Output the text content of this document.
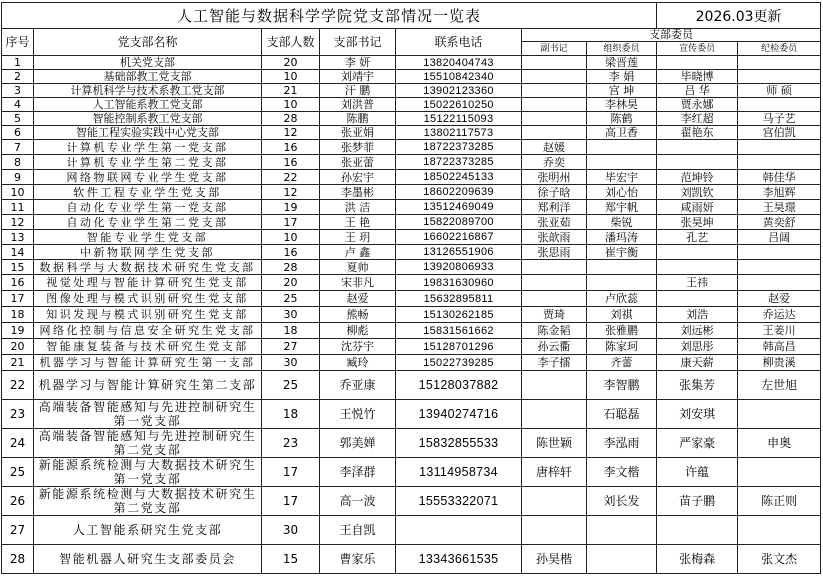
人工智能与数据科学学院党支部情况一览表							2026.03更新	
序号	党支部名称	支部人数	支部书记	联系电话	支部委员			
					副书记	组织委员	宣传委员	纪检委员
1	机关党支部	20	李 妍	13820404743		梁晋莲		
2	基础部教工党支部	10	刘靖宇	15510842340		李 娟	毕晓博	
3	计算机科学与技术系教工党支部	21	汗 鹏	13902123360		宫 坤	吕 华	师 硕
4	人工智能系教工党支部	10	刘洪普	15022610250		李林昊	贾永娜	
5	智能控制系教工党支部	28	陈鹏	15122115093		陈鹤	李红超	马子艺
6	智能工程实验实践中心党支部	12	张亚娟	13802117573		高卫香	翟艳东	宫伯凯
7	计算机专业学生第一党支部	16	张梦菲	18722373285	赵媛			
8	计算机专业学生第二党支部	16	张亚蕾	18722373285	乔奕			
9	网络物联网专业学生党支部	22	孙宏宇	18502245133	张明州	毕宏宇	范坤铃	韩佳华
10	软件工程专业学生党支部	12	李墨彬	18602209639	徐子晗	刘心怡	刘凯钦	李旭辉
11	自动化专业学生第一党支部	19	洪 洁	13512469049	郑利洋	郑宇帆	咸雨妍	王昊璟
12	自动化专业学生第二党支部	17	王 艳	15822089700	张亚茹	柴锐	张昊坤	黄奕舒
13	智能专业学生党支部	10	王 玥	16602216867	张歆雨	潘玛涛	孔艺	吕阔
14	中新物联网学生党支部	16	卢 鑫	13126551906	张思雨	崔宇衡		
15	数据科学与大数据技术研究生党支部	28	夏帅	13920806933				
16	视觉处理与智能计算研究生党支部	20	宋非凡	19831630960			王祎	
17	图像处理与模式识别研究生党支部	25	赵爱	15632895811		卢欣蕊		赵爱
18	知识发现与模式识别研究生党支部	30	熊畅	15130262185	贾琦	刘祺	刘浩	乔运达
19	网络化控制与信息安全研究生党支部	18	柳彪	15831561662	陈金韬	张雅鹏	刘远彬	王姜川
20	智能康复装备与技术研究生党支部	27	沈芬宇	15128701296	孙云衢	陈家珂	刘思彤	韩高昌
21	机器学习与智能计算研究生第一支部	30	臧玲	15022739285	李子擂	齐蕾	康天薪	柳贵溪
22	机器学习与智能计算研究生第二支部	25	乔亚康	15128037882		李智鹏	张集芳	左世旭
23	高端装备智能感知与先进控制研究生第一党支部	18	王悦竹	13940274716		石聪磊	刘安琪	
24	高端装备智能感知与先进控制研究生第二党支部	23	郭美婵	15832855533	陈世颖	李泓雨	严家豪	申奥
25	新能源系统检测与大数据技术研究生第一党支部	17	李泽群	13114958734	唐梓轩	李文楷	许蕴	
26	新能源系统检测与大数据技术研究生第二党支部	17	高一波	15553322071		刘长发	苗子鹏	陈正则
27	人工智能系研究生党支部	30	王自凯					
28	智能机器人研究生支部委员会	15	曹家乐	13343661535	孙昊楷		张梅森	张文杰
